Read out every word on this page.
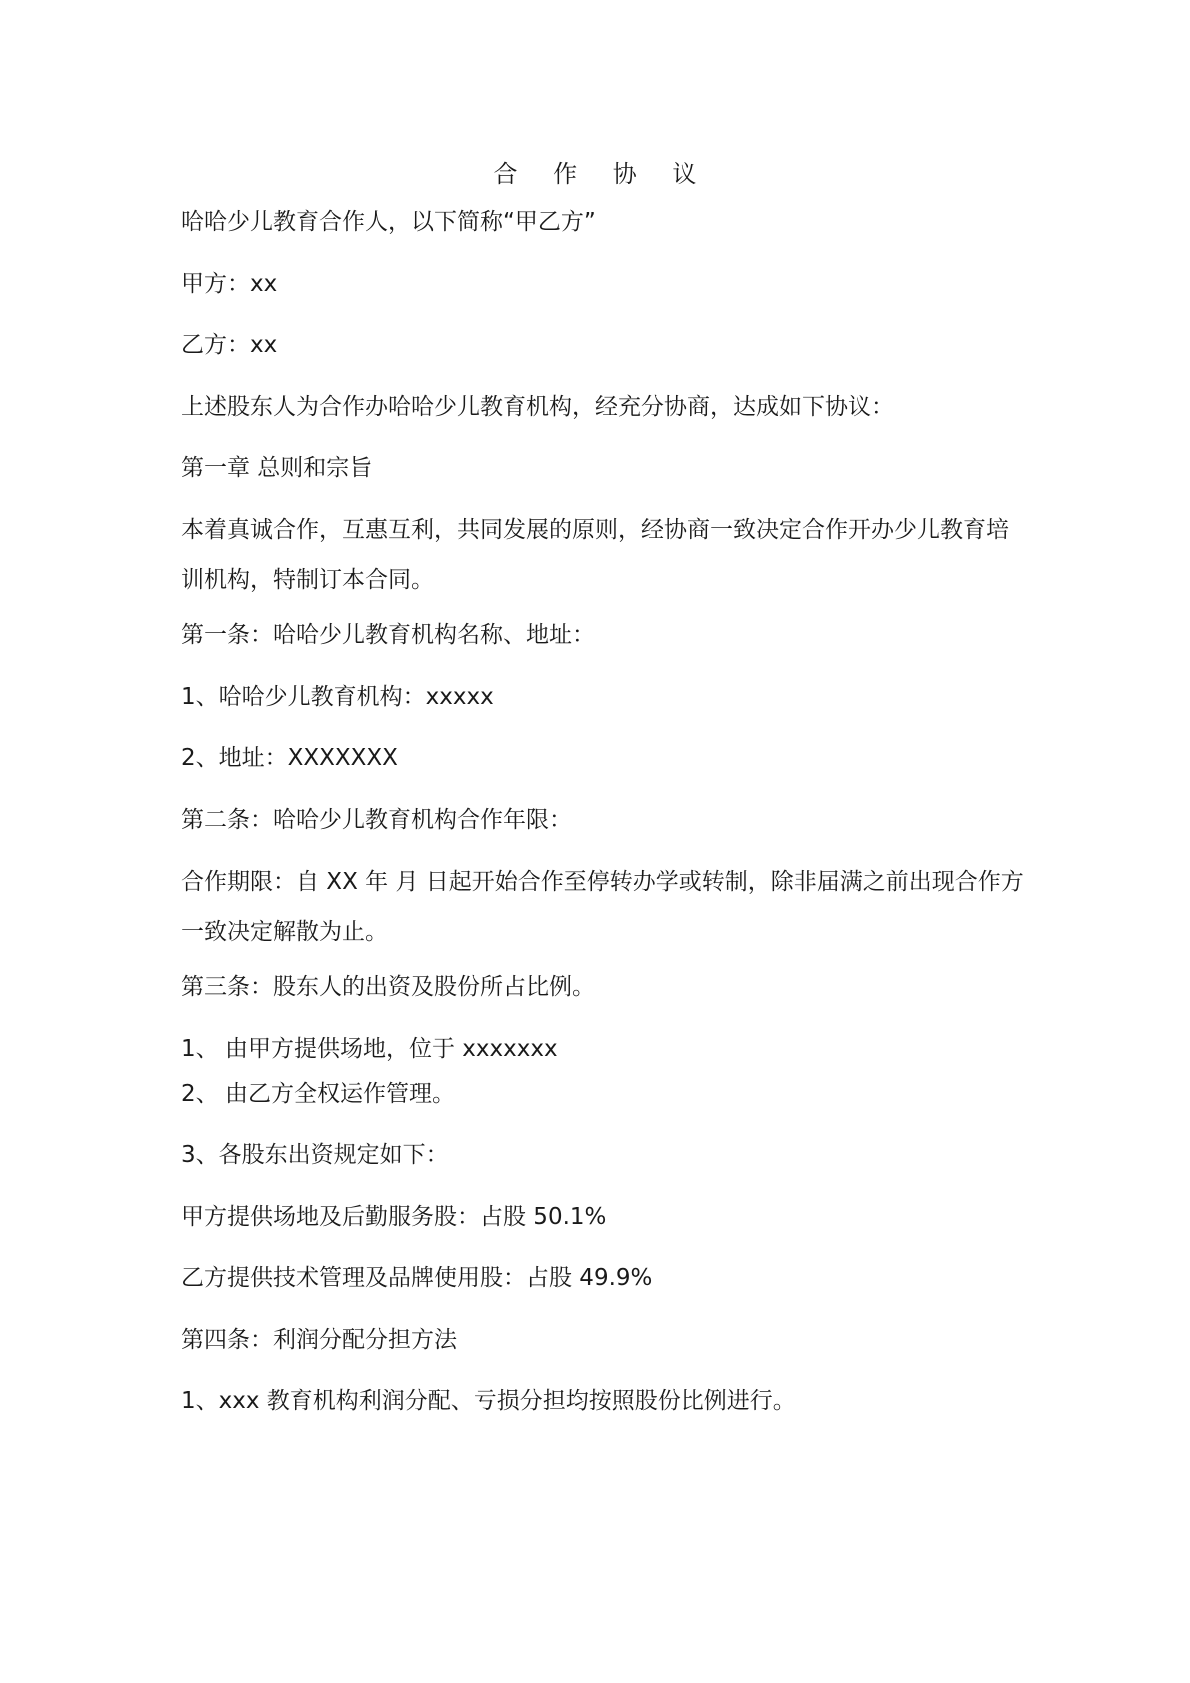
合 作 协 议
哈哈少儿教育合作人，以下简称“甲乙方”
甲方：xx
乙方：xx
上述股东人为合作办哈哈少儿教育机构，经充分协商，达成如下协议：
第一章 总则和宗旨
本着真诚合作，互惠互利，共同发展的原则，经协商一致决定合作开办少儿教育培训机构，特制订本合同。
第一条：哈哈少儿教育机构名称、地址：
1、哈哈少儿教育机构：xxxxx
2、地址：XXXXXXX
第二条：哈哈少儿教育机构合作年限：
合作期限：自 XX 年 月 日起开始合作至停转办学或转制，除非届满之前出现合作方一致决定解散为止。
第三条：股东人的出资及股份所占比例。
1、 由甲方提供场地，位于 xxxxxxx
2、 由乙方全权运作管理。
3、各股东出资规定如下：
甲方提供场地及后勤服务股：占股 50.1%
乙方提供技术管理及品牌使用股：占股 49.9%
第四条：利润分配分担方法
1、xxx 教育机构利润分配、亏损分担均按照股份比例进行。
